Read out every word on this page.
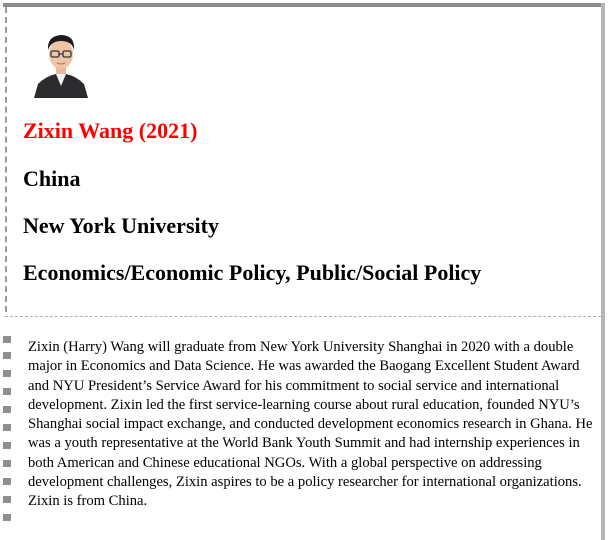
Zixin Wang (2021)
China
New York University
Economics/Economic Policy, Public/Social Policy
Zixin (Harry) Wang will graduate from New York University Shanghai in 2020 with a double major in Economics and Data Science. He was awarded the Baogang Excellent Student Award and NYU President’s Service Award for his commitment to social service and international development. Zixin led the first service-learning course about rural education, founded NYU’s Shanghai social impact exchange, and conducted development economics research in Ghana. He was a youth representative at the World Bank Youth Summit and had internship experiences in both American and Chinese educational NGOs. With a global perspective on addressing development challenges, Zixin aspires to be a policy researcher for international organizations. Zixin is from China.
